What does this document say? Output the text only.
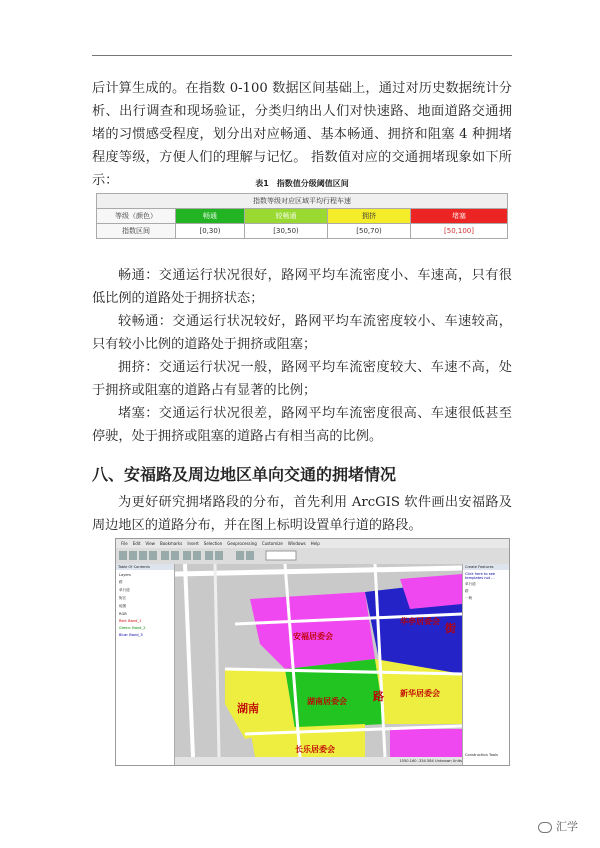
后计算生成的。在指数 0-100 数据区间基础上，通过对历史数据统计分析、出行调查和现场验证，分类归纳出人们对快速路、地面道路交通拥堵的习惯感受程度，划分出对应畅通、基本畅通、拥挤和阻塞 4 种拥堵程度等级，方便人们的理解与记忆。 指数值对应的交通拥堵现象如下所示：	表1　指数值分级阈值区间
指数等级对应区域平均行程车速				
等级（颜色）	畅通	较畅通	拥挤	堵塞
指数区间	[0,30)	[30,50)	[50,70)	[50,100]

畅通：交通运行状况很好，路网平均车流密度小、车速高，只有很低比例的道路处于拥挤状态；

较畅通：交通运行状况较好，路网平均车流密度较小、车速较高，只有较小比例的道路处于拥挤或阻塞；

拥挤：交通运行状况一般，路网平均车流密度较大、车速不高，处于拥挤或阻塞的道路占有显著的比例；

堵塞：交通运行状况很差，路网平均车流密度很高、车速很低甚至停驶，处于拥挤或阻塞的道路占有相当高的比例。

八、安福路及周边地区单向交通的拥堵情况

为更好研究拥堵路段的分布，首先利用 ArcGIS 软件画出安福路及周边地区的道路分布，并在图上标明设置单行道的路段。

File Edit View Bookmarks Insert Selection Geoprocessing Customize Windows Help
Table Of Contents
Layers
路
单行道
街区
地图
RGB
Red: Band_1
Green: Band_2
Blue: Band_3	安福居委会
华亭居委会
长乐居委会
湖南
路
街
新华居委会
湖南居委会
Create Features
Click here to see templates not ...
单行道
路
一般
Construction Tools
1550.160 -334.584 Unknown Units
汇学
